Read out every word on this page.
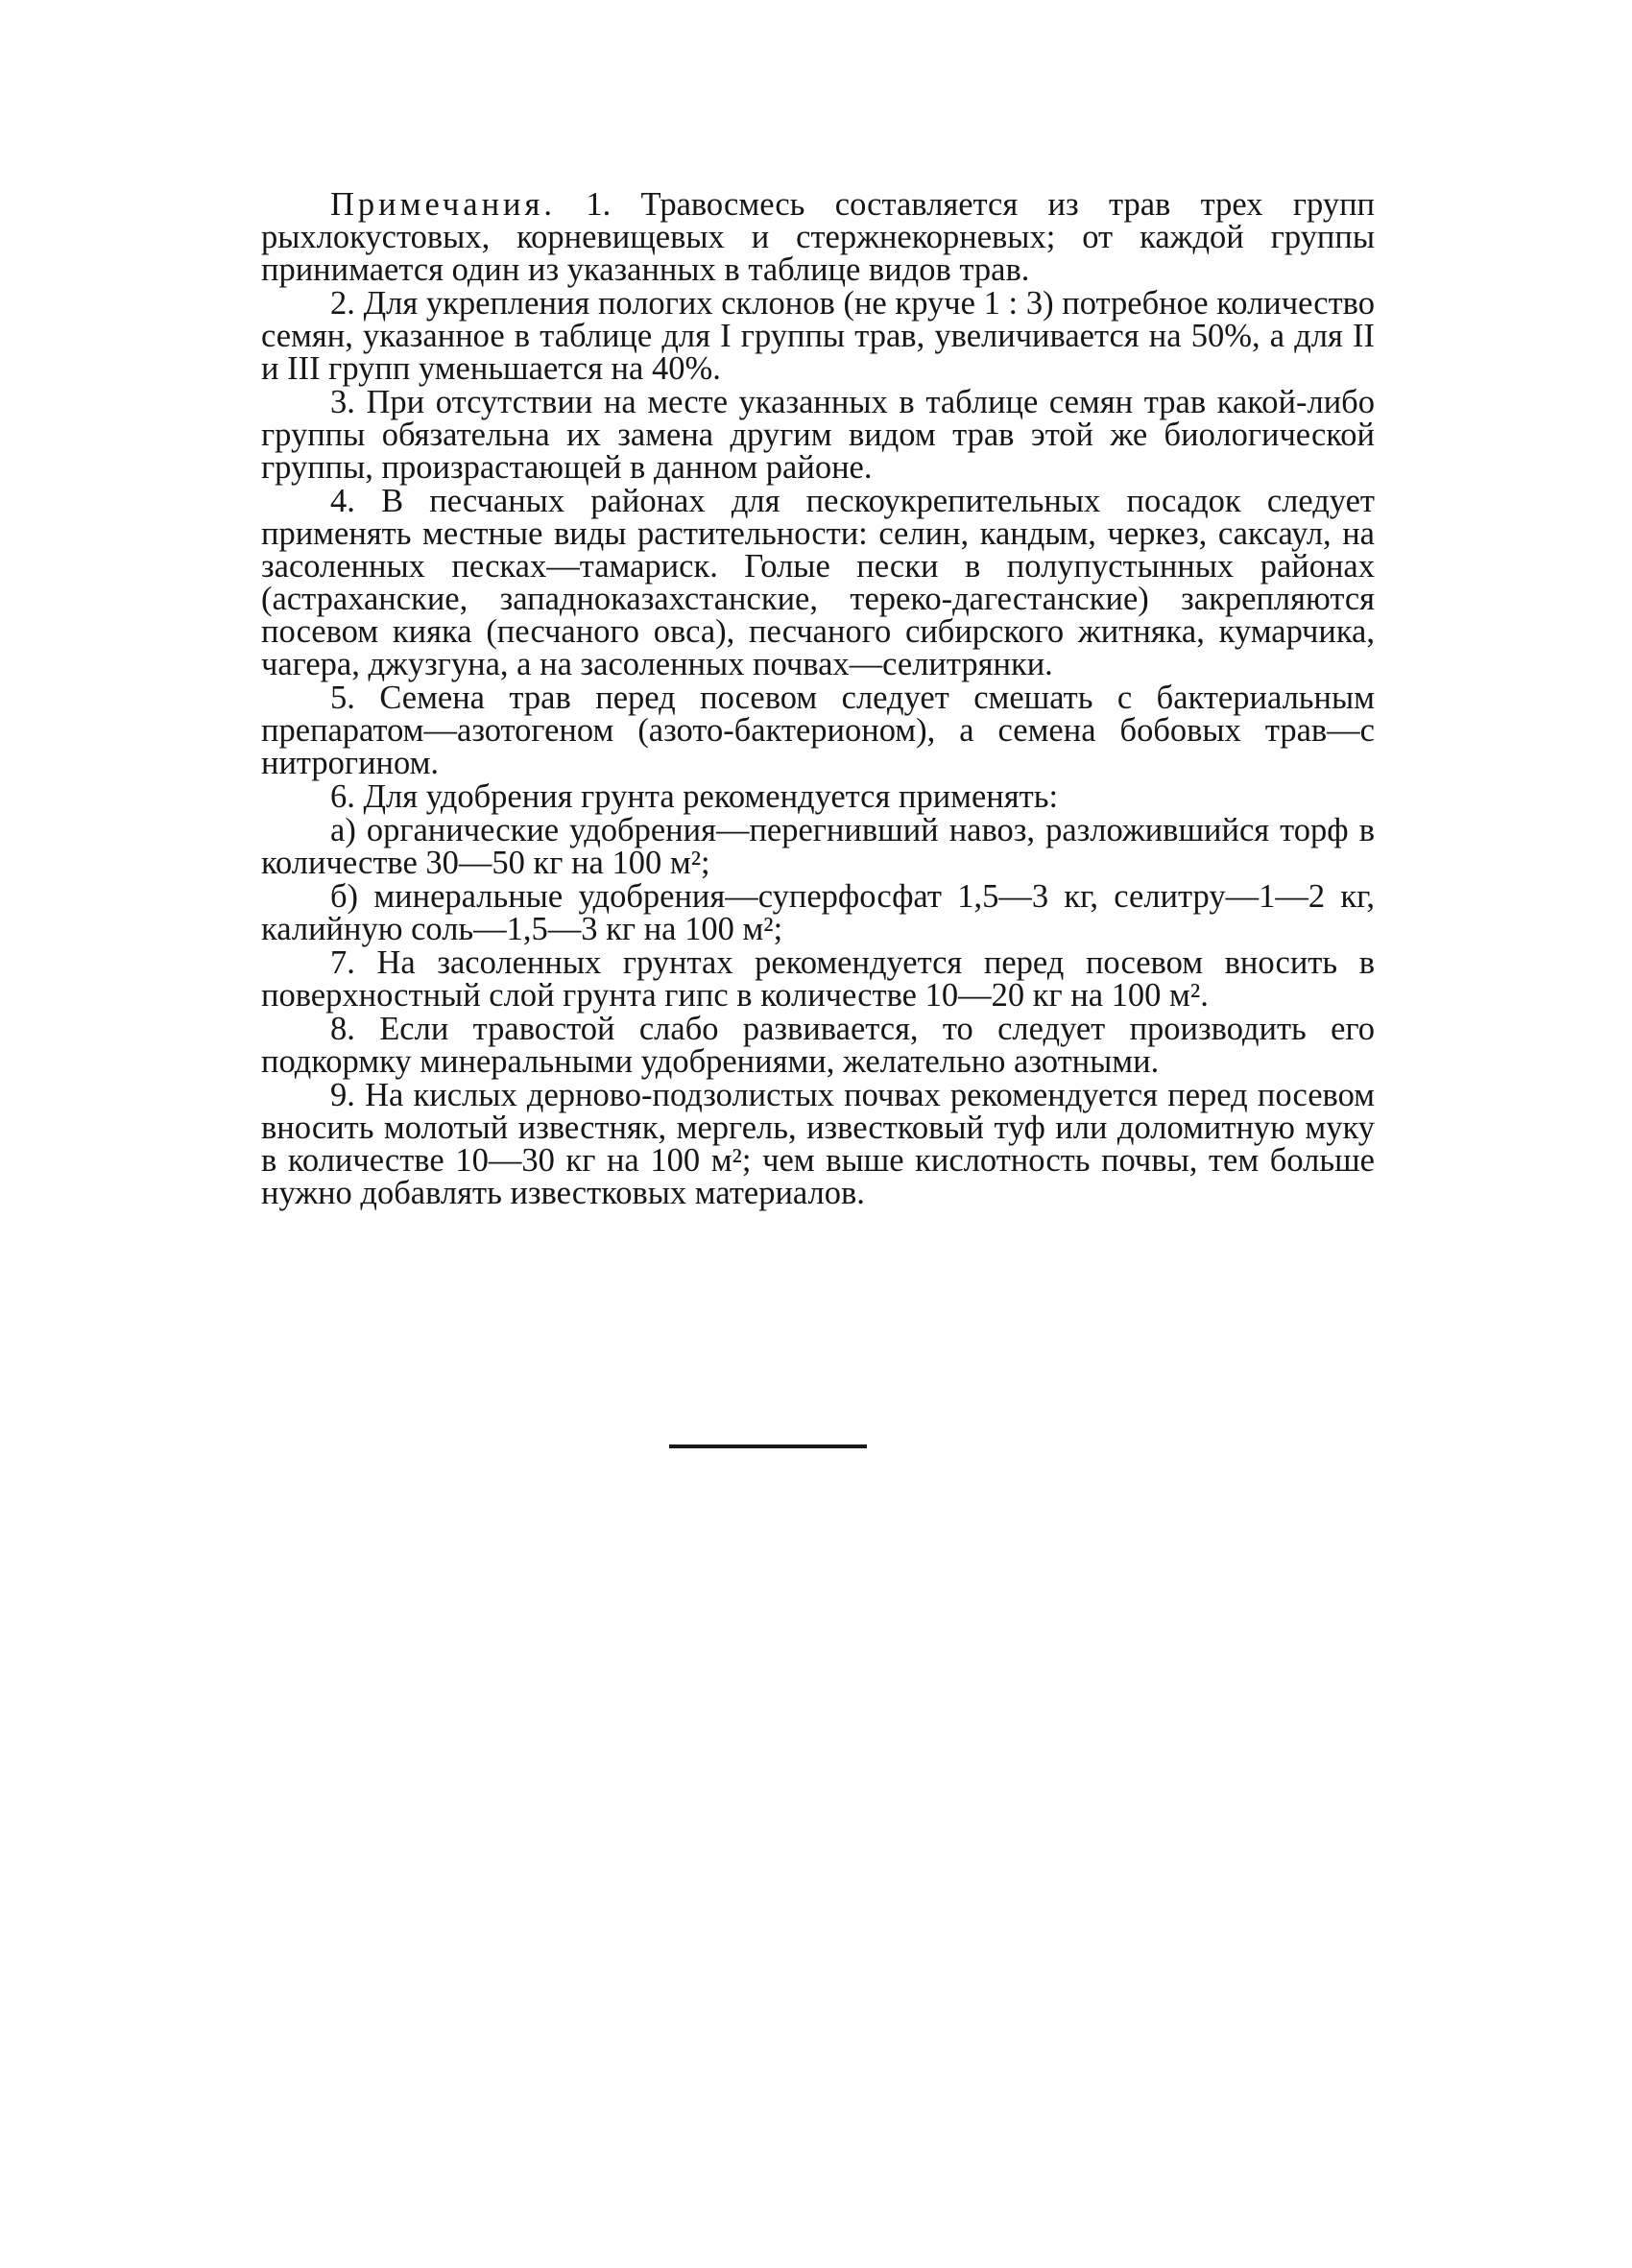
Примечания. 1. Травосмесь составляется из трав трех групп рыхлокустовых, корневищевых и стержнекорневых; от каждой группы принимается один из указанных в таблице видов трав.

2. Для укрепления пологих склонов (не круче 1 : 3) потребное количество семян, указанное в таблице для I группы трав, увеличивается на 50%, а для II и III групп уменьшается на 40%.

3. При отсутствии на месте указанных в таблице семян трав какой-либо группы обязательна их замена другим видом трав этой же биологической группы, произрастающей в данном районе.

4. В песчаных районах для пескоукрепительных посадок следует применять местные виды растительности: селин, кандым, черкез, саксаул, на засоленных песках—тамариск. Голые пески в полупустынных районах (астраханские, западноказахстанские, тереко-дагестанские) закрепляются посевом кияка (песчаного овса), песчаного сибирского житняка, кумарчика, чагера, джузгуна, а на засоленных почвах—селитрянки.

5. Семена трав перед посевом следует смешать с бактериальным препаратом—азотогеном (азото-бактерионом), а семена бобовых трав—с нитрогином.

6. Для удобрения грунта рекомендуется применять:

а) органические удобрения—перегнивший навоз, разложившийся торф в количестве 30—50 кг на 100 м²;

б) минеральные удобрения—суперфосфат 1,5—3 кг, селитру—1—2 кг, калийную соль—1,5—3 кг на 100 м²;

7. На засоленных грунтах рекомендуется перед посевом вносить в поверхностный слой грунта гипс в количестве 10—20 кг на 100 м².

8. Если травостой слабо развивается, то следует производить его подкормку минеральными удобрениями, желательно азотными.

9. На кислых дерново-подзолистых почвах рекомендуется перед посевом вносить молотый известняк, мергель, известковый туф или доломитную муку в количестве 10—30 кг на 100 м²; чем выше кислотность почвы, тем больше нужно добавлять известковых материалов.
